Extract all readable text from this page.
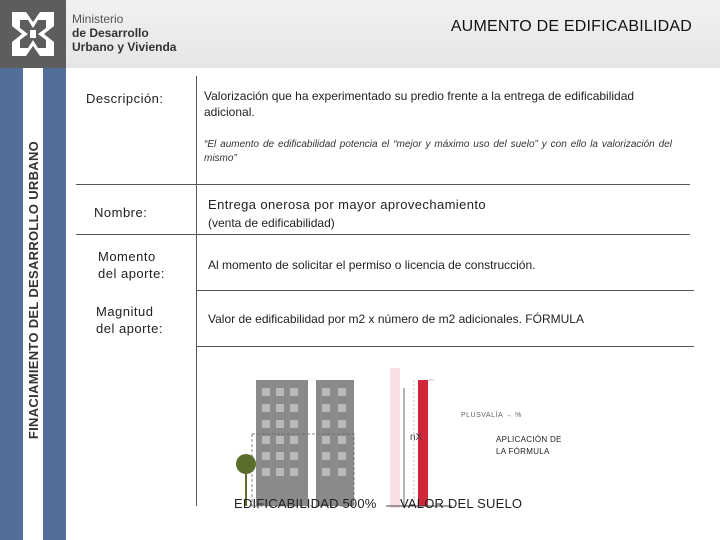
Ministerio
de Desarrollo
Urbano y Vivienda
AUMENTO DE EDIFICABILIDAD
FINACIAMIENTO DEL DESARROLLO URBANO
Descripción:	Valorización que ha experimentado su predio frente a la entrega de edificabilidad adicional.
“El aumento de edificabilidad potencia el “mejor y máximo uso del suelo” y con ello la valorización del mismo”
Nombre:
Entrega onerosa por mayor aprovechamiento
(venta de edificabilidad)
Momento
del aporte:
Al momento de solicitar el permiso o licencia de construcción.
Magnitud
del aporte:
Valor de edificabilidad por m2 x número de m2 adicionales. FÓRMULA
nX
PLUSVALÍA → %
APLICACIÓN DE
LA FÓRMULA
EDIFICABILIDAD 500% VALOR DEL SUELO
